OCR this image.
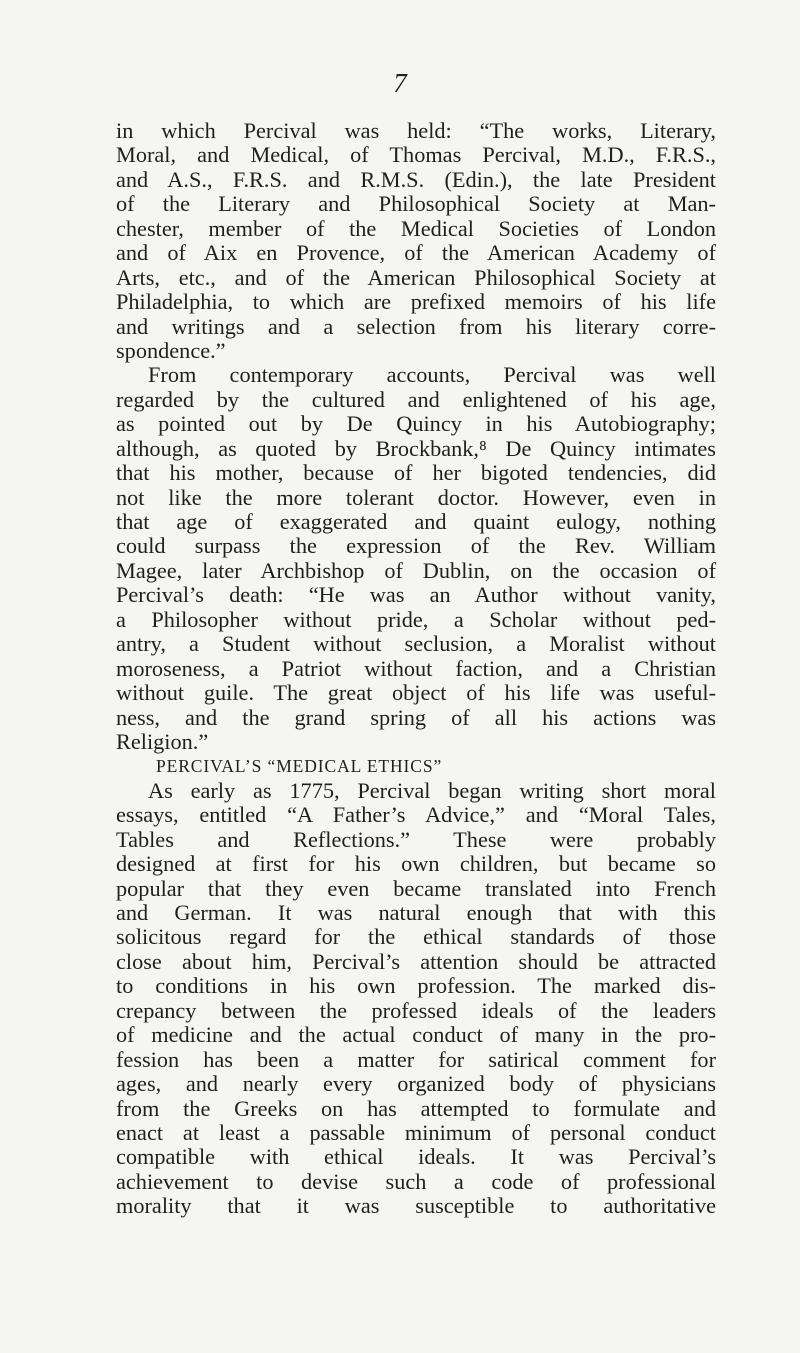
7
in which Percival was held: “The works, Literary,
Moral, and Medical, of Thomas Percival, M.D., F.R.S.,
and A.S., F.R.S. and R.M.S. (Edin.), the late President
of the Literary and Philosophical Society at Man-
chester, member of the Medical Societies of London
and of Aix en Provence, of the American Academy of
Arts, etc., and of the American Philosophical Society at
Philadelphia, to which are prefixed memoirs of his life
and writings and a selection from his literary corre-
spondence.”
From contemporary accounts, Percival was well
regarded by the cultured and enlightened of his age,
as pointed out by De Quincy in his Autobiography;
although, as quoted by Brockbank,⁸ De Quincy intimates
that his mother, because of her bigoted tendencies, did
not like the more tolerant doctor. However, even in
that age of exaggerated and quaint eulogy, nothing
could surpass the expression of the Rev. William
Magee, later Archbishop of Dublin, on the occasion of
Percival’s death: “He was an Author without vanity,
a Philosopher without pride, a Scholar without ped-
antry, a Student without seclusion, a Moralist without
moroseness, a Patriot without faction, and a Christian
without guile. The great object of his life was useful-
ness, and the grand spring of all his actions was
Religion.”
PERCIVAL’S “MEDICAL ETHICS”
As early as 1775, Percival began writing short moral
essays, entitled “A Father’s Advice,” and “Moral Tales,
Tables and Reflections.” These were probably
designed at first for his own children, but became so
popular that they even became translated into French
and German. It was natural enough that with this
solicitous regard for the ethical standards of those
close about him, Percival’s attention should be attracted
to conditions in his own profession. The marked dis-
crepancy between the professed ideals of the leaders
of medicine and the actual conduct of many in the pro-
fession has been a matter for satirical comment for
ages, and nearly every organized body of physicians
from the Greeks on has attempted to formulate and
enact at least a passable minimum of personal conduct
compatible with ethical ideals. It was Percival’s
achievement to devise such a code of professional
morality that it was susceptible to authoritative
